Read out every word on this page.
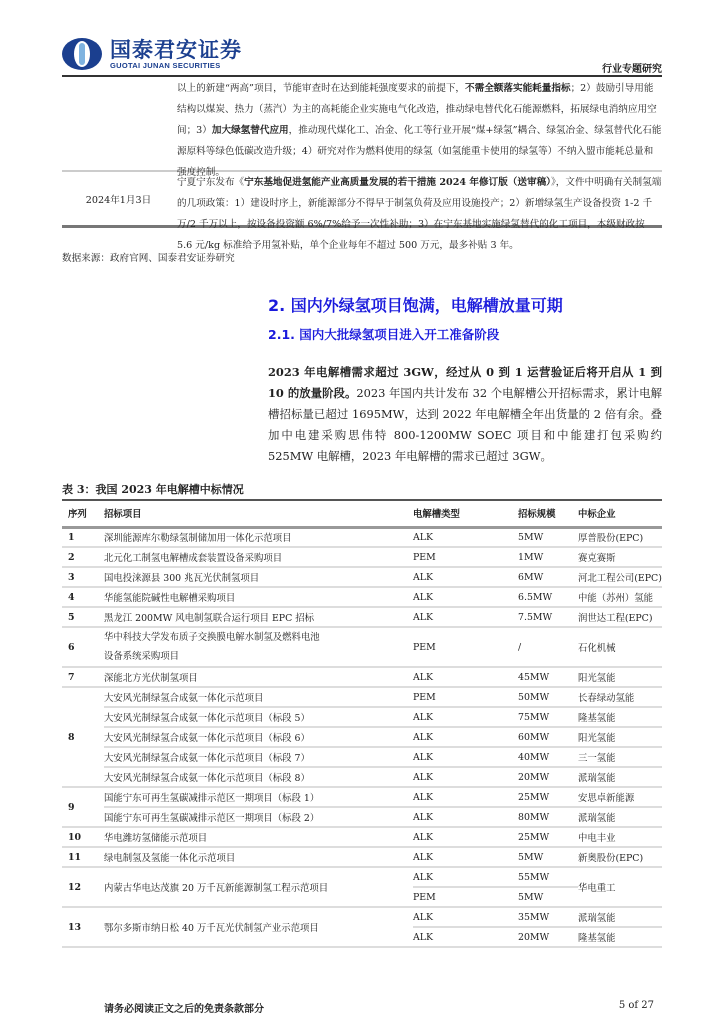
国泰君安证券
GUOTAI JUNAN SECURITIES	行业专题研究
以上的新建“两高”项目，节能审查时在达到能耗强度要求的前提下，不需全额落实能耗量指标；2）鼓励引导用能结构以煤炭、热力（蒸汽）为主的高耗能企业实施电气化改造，推动绿电替代化石能源燃料，拓展绿电消纳应用空间；3）加大绿氢替代应用，推动现代煤化工、冶金、化工等行业开展“煤+绿氢”耦合、绿氢冶金、绿氢替代化石能源原料等绿色低碳改造升级；4）研究对作为燃料使用的绿氢（如氢能重卡使用的绿氢等）不纳入盟市能耗总量和强度控制。
2024年1月3日
宁夏宁东发布《宁东基地促进氢能产业高质量发展的若干措施 2024 年修订版（送审稿）》，文件中明确有关制氢端的几项政策：1）建设时序上，新能源部分不得早于制氢负荷及应用设施投产；2）新增绿氢生产设备投资 1-2 千万/2 千万以上，按设备投资额 6%/7%给予一次性补助；3）在宁东基地实施绿氢替代的化工项目，本级财政按 5.6 元/kg 标准给予用氢补贴，单个企业每年不超过 500 万元，最多补贴 3 年。
数据来源：政府官网、国泰君安证券研究
2. 国内外绿氢项目饱满，电解槽放量可期
2.1. 国内大批绿氢项目进入开工准备阶段
2023 年电解槽需求超过 3GW，经过从 0 到 1 运营验证后将开启从 1 到 10 的放量阶段。2023 年国内共计发布 32 个电解槽公开招标需求，累计电解槽招标量已超过 1695MW，达到 2022 年电解槽全年出货量的 2 倍有余。叠加中电建采购思伟特 800-1200MW SOEC 项目和中能建打包采购约 525MW 电解槽，2023 年电解槽的需求已超过 3GW。
表 3：我国 2023 年电解槽中标情况
序列	招标项目	电解槽类型	招标规模	中标企业
1	深圳能源库尔勒绿氢制储加用一体化示范项目	ALK	5MW	厚普股份(EPC)
2	北元化工制氢电解槽成套装置设备采购项目	PEM	1MW	赛克赛斯
3	国电投涞源县 300 兆瓦光伏制氢项目	ALK	6MW	河北工程公司(EPC)
4	华能氢能院碱性电解槽采购项目	ALK	6.5MW	中能（苏州）氢能
5	黑龙江 200MW 风电制氢联合运行项目 EPC 招标	ALK	7.5MW	润世达工程(EPC)
6	华中科技大学发布质子交换膜电解水制氢及燃料电池设备系统采购项目	PEM	/	石化机械
7	深能北方光伏制氢项目	ALK	45MW	阳光氢能
8	大安风光制绿氢合成氨一体化示范项目	PEM	50MW	长春绿动氢能
	大安风光制绿氢合成氨一体化示范项目（标段 5）	ALK	75MW	隆基氢能
	大安风光制绿氢合成氨一体化示范项目（标段 6）	ALK	60MW	阳光氢能
	大安风光制绿氢合成氨一体化示范项目（标段 7）	ALK	40MW	三一氢能
	大安风光制绿氢合成氨一体化示范项目（标段 8）	ALK	20MW	派瑞氢能
9	国能宁东可再生氢碳减排示范区一期项目（标段 1）	ALK	25MW	安思卓新能源
	国能宁东可再生氢碳减排示范区一期项目（标段 2）	ALK	80MW	派瑞氢能
10	华电潍坊氢储能示范项目	ALK	25MW	中电丰业
11	绿电制氢及氢能一体化示范项目	ALK	5MW	新奥股份(EPC)
12	内蒙古华电达茂旗 20 万千瓦新能源制氢工程示范项目	ALK	55MW	华电重工
		PEM	5MW	
13	鄂尔多斯市纳日松 40 万千瓦光伏制氢产业示范项目	ALK	35MW	派瑞氢能
		ALK	20MW	隆基氢能
请务必阅读正文之后的免责条款部分	5 of 27
